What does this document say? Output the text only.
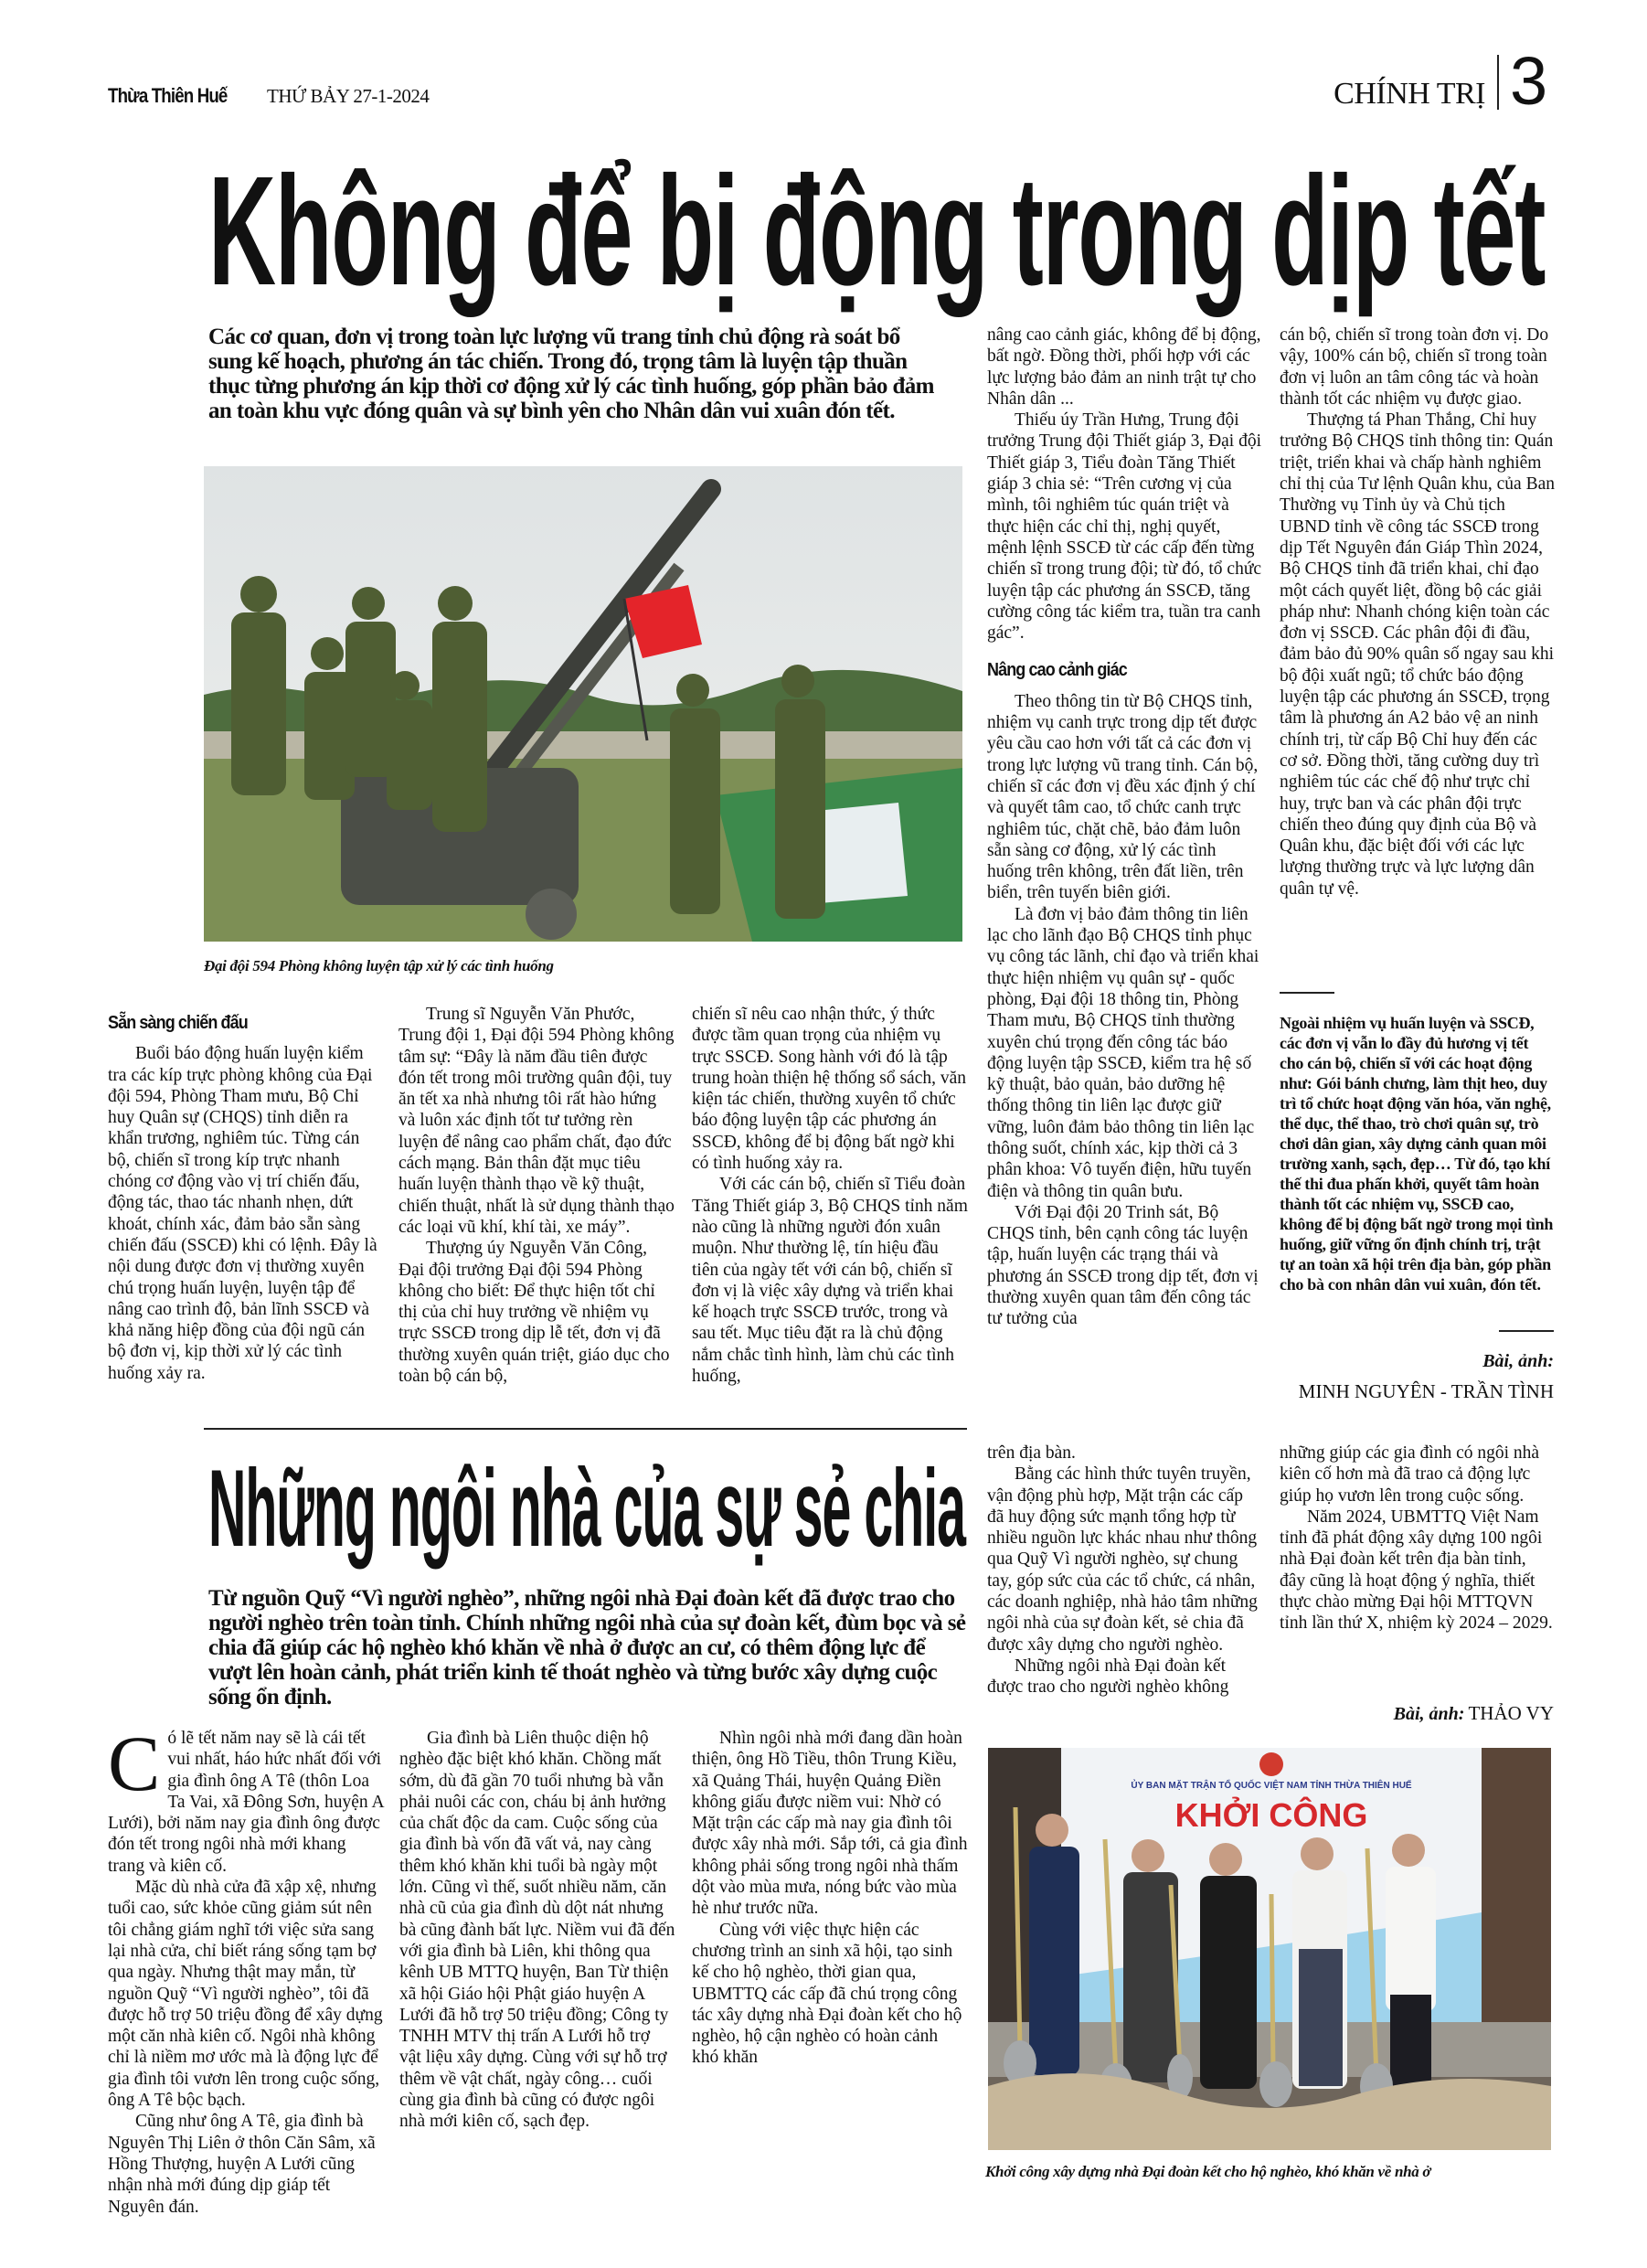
Thừa Thiên Huế THỨ BẢY 27-1-2024	CHÍNH TRỊ 3
Không để bị động trong dịp tết
Các cơ quan, đơn vị trong toàn lực lượng vũ trang tỉnh chủ động rà soát bổ sung kế hoạch, phương án tác chiến. Trong đó, trọng tâm là luyện tập thuần thục từng phương án kịp thời cơ động xử lý các tình huống, góp phần bảo đảm an toàn khu vực đóng quân và sự bình yên cho Nhân dân vui xuân đón tết.
Đại đội 594 Phòng không luyện tập xử lý các tình huống
Sẵn sàng chiến đấu

Buổi báo động huấn luyện kiểm tra các kíp trực phòng không của Đại đội 594, Phòng Tham mưu, Bộ Chỉ huy Quân sự (CHQS) tỉnh diễn ra khẩn trương, nghiêm túc. Từng cán bộ, chiến sĩ trong kíp trực nhanh chóng cơ động vào vị trí chiến đấu, động tác, thao tác nhanh nhẹn, dứt khoát, chính xác, đảm bảo sẵn sàng chiến đấu (SSCĐ) khi có lệnh. Đây là nội dung được đơn vị thường xuyên chú trọng huấn luyện, luyện tập để nâng cao trình độ, bản lĩnh SSCĐ và khả năng hiệp đồng của đội ngũ cán bộ đơn vị, kịp thời xử lý các tình huống xảy ra.

Trung sĩ Nguyễn Văn Phước, Trung đội 1, Đại đội 594 Phòng không tâm sự: “Đây là năm đầu tiên được đón tết trong môi trường quân đội, tuy ăn tết xa nhà nhưng tôi rất hào hứng và luôn xác định tốt tư tưởng rèn luyện để nâng cao phẩm chất, đạo đức cách mạng. Bản thân đặt mục tiêu huấn luyện thành thạo về kỹ thuật, chiến thuật, nhất là sử dụng thành thạo các loại vũ khí, khí tài, xe máy”.

Thượng úy Nguyễn Văn Công, Đại đội trưởng Đại đội 594 Phòng không cho biết: Để thực hiện tốt chỉ thị của chỉ huy trưởng về nhiệm vụ trực SSCĐ trong dịp lễ tết, đơn vị đã thường xuyên quán triệt, giáo dục cho toàn bộ cán bộ,

chiến sĩ nêu cao nhận thức, ý thức được tầm quan trọng của nhiệm vụ trực SSCĐ. Song hành với đó là tập trung hoàn thiện hệ thống sổ sách, văn kiện tác chiến, thường xuyên tổ chức báo động luyện tập các phương án SSCĐ, không để bị động bất ngờ khi có tình huống xảy ra.

Với các cán bộ, chiến sĩ Tiểu đoàn Tăng Thiết giáp 3, Bộ CHQS tỉnh năm nào cũng là những người đón xuân muộn. Như thường lệ, tín hiệu đầu tiên của ngày tết với cán bộ, chiến sĩ đơn vị là việc xây dựng và triển khai kế hoạch trực SSCĐ trước, trong và sau tết. Mục tiêu đặt ra là chủ động nắm chắc tình hình, làm chủ các tình huống,

nâng cao cảnh giác, không để bị động, bất ngờ. Đồng thời, phối hợp với các lực lượng bảo đảm an ninh trật tự cho Nhân dân ...

Thiếu úy Trần Hưng, Trung đội trưởng Trung đội Thiết giáp 3, Đại đội Thiết giáp 3, Tiểu đoàn Tăng Thiết giáp 3 chia sẻ: “Trên cương vị của mình, tôi nghiêm túc quán triệt và thực hiện các chỉ thị, nghị quyết, mệnh lệnh SSCĐ từ các cấp đến từng chiến sĩ trong trung đội; từ đó, tổ chức luyện tập các phương án SSCĐ, tăng cường công tác kiểm tra, tuần tra canh gác”.

Nâng cao cảnh giác

Theo thông tin từ Bộ CHQS tỉnh, nhiệm vụ canh trực trong dịp tết được yêu cầu cao hơn với tất cả các đơn vị trong lực lượng vũ trang tỉnh. Cán bộ, chiến sĩ các đơn vị đều xác định ý chí và quyết tâm cao, tổ chức canh trực nghiêm túc, chặt chẽ, bảo đảm luôn sẵn sàng cơ động, xử lý các tình huống trên không, trên đất liền, trên biển, trên tuyến biên giới.

Là đơn vị bảo đảm thông tin liên lạc cho lãnh đạo Bộ CHQS tỉnh phục vụ công tác lãnh, chỉ đạo và triển khai thực hiện nhiệm vụ quân sự - quốc phòng, Đại đội 18 thông tin, Phòng Tham mưu, Bộ CHQS tỉnh thường xuyên chú trọng đến công tác báo động luyện tập SSCĐ, kiểm tra hệ số kỹ thuật, bảo quản, bảo dưỡng hệ thống thông tin liên lạc được giữ vững, luôn đảm bảo thông tin liên lạc thông suốt, chính xác, kịp thời cả 3 phân khoa: Vô tuyến điện, hữu tuyến điện và thông tin quân bưu.

Với Đại đội 20 Trinh sát, Bộ CHQS tỉnh, bên cạnh công tác luyện tập, huấn luyện các trạng thái và phương án SSCĐ trong dịp tết, đơn vị thường xuyên quan tâm đến công tác tư tưởng của

cán bộ, chiến sĩ trong toàn đơn vị. Do vậy, 100% cán bộ, chiến sĩ trong toàn đơn vị luôn an tâm công tác và hoàn thành tốt các nhiệm vụ được giao.

Thượng tá Phan Thắng, Chỉ huy trưởng Bộ CHQS tỉnh thông tin: Quán triệt, triển khai và chấp hành nghiêm chỉ thị của Tư lệnh Quân khu, của Ban Thường vụ Tỉnh ủy và Chủ tịch UBND tỉnh về công tác SSCĐ trong dịp Tết Nguyên đán Giáp Thìn 2024, Bộ CHQS tỉnh đã triển khai, chỉ đạo một cách quyết liệt, đồng bộ các giải pháp như: Nhanh chóng kiện toàn các đơn vị SSCĐ. Các phân đội đi đầu, đảm bảo đủ 90% quân số ngay sau khi bộ đội xuất ngũ; tổ chức báo động luyện tập các phương án SSCĐ, trọng tâm là phương án A2 bảo vệ an ninh chính trị, từ cấp Bộ Chỉ huy đến các cơ sở. Đồng thời, tăng cường duy trì nghiêm túc các chế độ như trực chỉ huy, trực ban và các phân đội trực chiến theo đúng quy định của Bộ và Quân khu, đặc biệt đối với các lực lượng thường trực và lực lượng dân quân tự vệ.

Ngoài nhiệm vụ huấn luyện và SSCĐ, các đơn vị vẫn lo đầy đủ hương vị tết cho cán bộ, chiến sĩ với các hoạt động như: Gói bánh chưng, làm thịt heo, duy trì tổ chức hoạt động văn hóa, văn nghệ, thể dục, thể thao, trò chơi quân sự, trò chơi dân gian, xây dựng cảnh quan môi trường xanh, sạch, đẹp… Từ đó, tạo khí thế thi đua phấn khởi, quyết tâm hoàn thành tốt các nhiệm vụ, SSCĐ cao, không để bị động bất ngờ trong mọi tình huống, giữ vững ổn định chính trị, trật tự an toàn xã hội trên địa bàn, góp phần cho bà con nhân dân vui xuân, đón tết.
Bài, ảnh:
MINH NGUYÊN - TRẦN TÌNH
Những ngôi nhà của sự sẻ chia
Từ nguồn Quỹ “Vì người nghèo”, những ngôi nhà Đại đoàn kết đã được trao cho người nghèo trên toàn tỉnh. Chính những ngôi nhà của sự đoàn kết, đùm bọc và sẻ chia đã giúp các hộ nghèo khó khăn về nhà ở được an cư, có thêm động lực để vượt lên hoàn cảnh, phát triển kinh tế thoát nghèo và từng bước xây dựng cuộc sống ổn định.

Có lẽ tết năm nay sẽ là cái tết vui nhất, háo hức nhất đối với gia đình ông A Tê (thôn Loa Ta Vai, xã Đông Sơn, huyện A Lưới), bởi năm nay gia đình ông được đón tết trong ngôi nhà mới khang trang và kiên cố.

Mặc dù nhà cửa đã xập xệ, nhưng tuổi cao, sức khỏe cũng giảm sút nên tôi chẳng giám nghĩ tới việc sửa sang lại nhà cửa, chỉ biết ráng sống tạm bợ qua ngày. Nhưng thật may mắn, từ nguồn Quỹ “Vì người nghèo”, tôi đã được hỗ trợ 50 triệu đồng để xây dựng một căn nhà kiên cố. Ngôi nhà không chỉ là niềm mơ ước mà là động lực để gia đình tôi vươn lên trong cuộc sống, ông A Tê bộc bạch.

Cũng như ông A Tê, gia đình bà Nguyên Thị Liên ở thôn Căn Sâm, xã Hồng Thượng, huyện A Lưới cũng nhận nhà mới đúng dịp giáp tết Nguyên đán.

Gia đình bà Liên thuộc diện hộ nghèo đặc biệt khó khăn. Chồng mất sớm, dù đã gần 70 tuổi nhưng bà vẫn phải nuôi các con, cháu bị ảnh hưởng của chất độc da cam. Cuộc sống của gia đình bà vốn đã vất vả, nay càng thêm khó khăn khi tuổi bà ngày một lớn. Cũng vì thế, suốt nhiều năm, căn nhà cũ của gia đình dù dột nát nhưng bà cũng đành bất lực. Niềm vui đã đến với gia đình bà Liên, khi thông qua kênh UB MTTQ huyện, Ban Từ thiện xã hội Giáo hội Phật giáo huyện A Lưới đã hỗ trợ 50 triệu đồng; Công ty TNHH MTV thị trấn A Lưới hỗ trợ vật liệu xây dựng. Cùng với sự hỗ trợ thêm về vật chất, ngày công… cuối cùng gia đình bà cũng có được ngôi nhà mới kiên cố, sạch đẹp.

Nhìn ngôi nhà mới đang dần hoàn thiện, ông Hồ Tiều, thôn Trung Kiều, xã Quảng Thái, huyện Quảng Điền không giấu được niềm vui: Nhờ có Mặt trận các cấp mà nay gia đình tôi được xây nhà mới. Sắp tới, cả gia đình không phải sống trong ngôi nhà thấm dột vào mùa mưa, nóng bức vào mùa hè như trước nữa.

Cùng với việc thực hiện các chương trình an sinh xã hội, tạo sinh kế cho hộ nghèo, thời gian qua, UBMTTQ các cấp đã chú trọng công tác xây dựng nhà Đại đoàn kết cho hộ nghèo, hộ cận nghèo có hoàn cảnh khó khăn

trên địa bàn.

Bằng các hình thức tuyên truyền, vận động phù hợp, Mặt trận các cấp đã huy động sức mạnh tổng hợp từ nhiều nguồn lực khác nhau như thông qua Quỹ Vì người nghèo, sự chung tay, góp sức của các tổ chức, cá nhân, các doanh nghiệp, nhà hảo tâm những ngôi nhà của sự đoàn kết, sẻ chia đã được xây dựng cho người nghèo.

Những ngôi nhà Đại đoàn kết được trao cho người nghèo không

những giúp các gia đình có ngôi nhà kiên cố hơn mà đã trao cả động lực giúp họ vươn lên trong cuộc sống.

Năm 2024, UBMTTQ Việt Nam tỉnh đã phát động xây dựng 100 ngôi nhà Đại đoàn kết trên địa bàn tỉnh, đây cũng là hoạt động ý nghĩa, thiết thực chào mừng Đại hội MTTQVN tỉnh lần thứ X, nhiệm kỳ 2024 – 2029.

Bài, ảnh: THẢO VY
ỦY BAN MẶT TRẬN TỔ QUỐC VIỆT NAM TỈNH THỪA THIÊN HUẾ
KHỞI CÔNG
Khởi công xây dựng nhà Đại đoàn kết cho hộ nghèo, khó khăn về nhà ở
